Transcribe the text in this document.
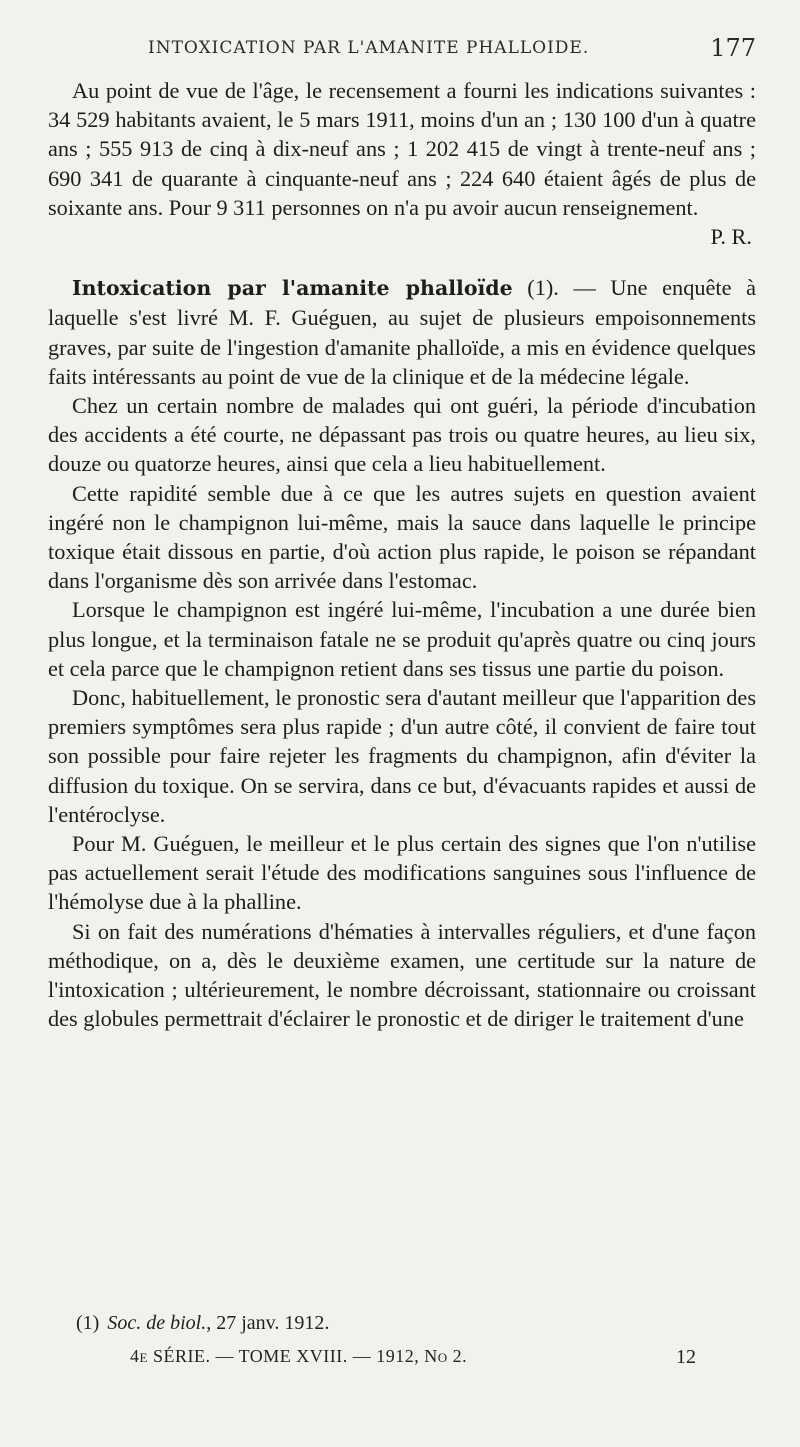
INTOXICATION PAR L'AMANITE PHALLOIDE.	177

Au point de vue de l'âge, le recensement a fourni les indications suivantes : 34 529 habitants avaient, le 5 mars 1911, moins d'un an ; 130 100 d'un à quatre ans ; 555 913 de cinq à dix-neuf ans ; 1 202 415 de vingt à trente-neuf ans ; 690 341 de quarante à cinquante-neuf ans ; 224 640 étaient âgés de plus de soixante ans. Pour 9 311 personnes on n'a pu avoir aucun renseignement.

P. R.

Intoxication par l'amanite phalloïde (1). — Une enquête à laquelle s'est livré M. F. Guéguen, au sujet de plusieurs empoisonnements graves, par suite de l'ingestion d'amanite phalloïde, a mis en évidence quelques faits intéressants au point de vue de la clinique et de la médecine légale.

Chez un certain nombre de malades qui ont guéri, la période d'incubation des accidents a été courte, ne dépassant pas trois ou quatre heures, au lieu six, douze ou quatorze heures, ainsi que cela a lieu habituellement.

Cette rapidité semble due à ce que les autres sujets en question avaient ingéré non le champignon lui-même, mais la sauce dans laquelle le principe toxique était dissous en partie, d'où action plus rapide, le poison se répandant dans l'organisme dès son arrivée dans l'estomac.

Lorsque le champignon est ingéré lui-même, l'incubation a une durée bien plus longue, et la terminaison fatale ne se produit qu'après quatre ou cinq jours et cela parce que le champignon retient dans ses tissus une partie du poison.

Donc, habituellement, le pronostic sera d'autant meilleur que l'apparition des premiers symptômes sera plus rapide ; d'un autre côté, il convient de faire tout son possible pour faire rejeter les fragments du champignon, afin d'éviter la diffusion du toxique. On se servira, dans ce but, d'évacuants rapides et aussi de l'entéroclyse.

Pour M. Guéguen, le meilleur et le plus certain des signes que l'on n'utilise pas actuellement serait l'étude des modifications sanguines sous l'influence de l'hémolyse due à la phalline.

Si on fait des numérations d'hématies à intervalles réguliers, et d'une façon méthodique, on a, dès le deuxième examen, une certitude sur la nature de l'intoxication ; ultérieurement, le nombre décroissant, stationnaire ou croissant des globules permettrait d'éclairer le pronostic et de diriger le traitement d'une

(1) Soc. de biol., 27 janv. 1912.
4e SÉRIE. — TOME XVIII. — 1912, No 2.	12
